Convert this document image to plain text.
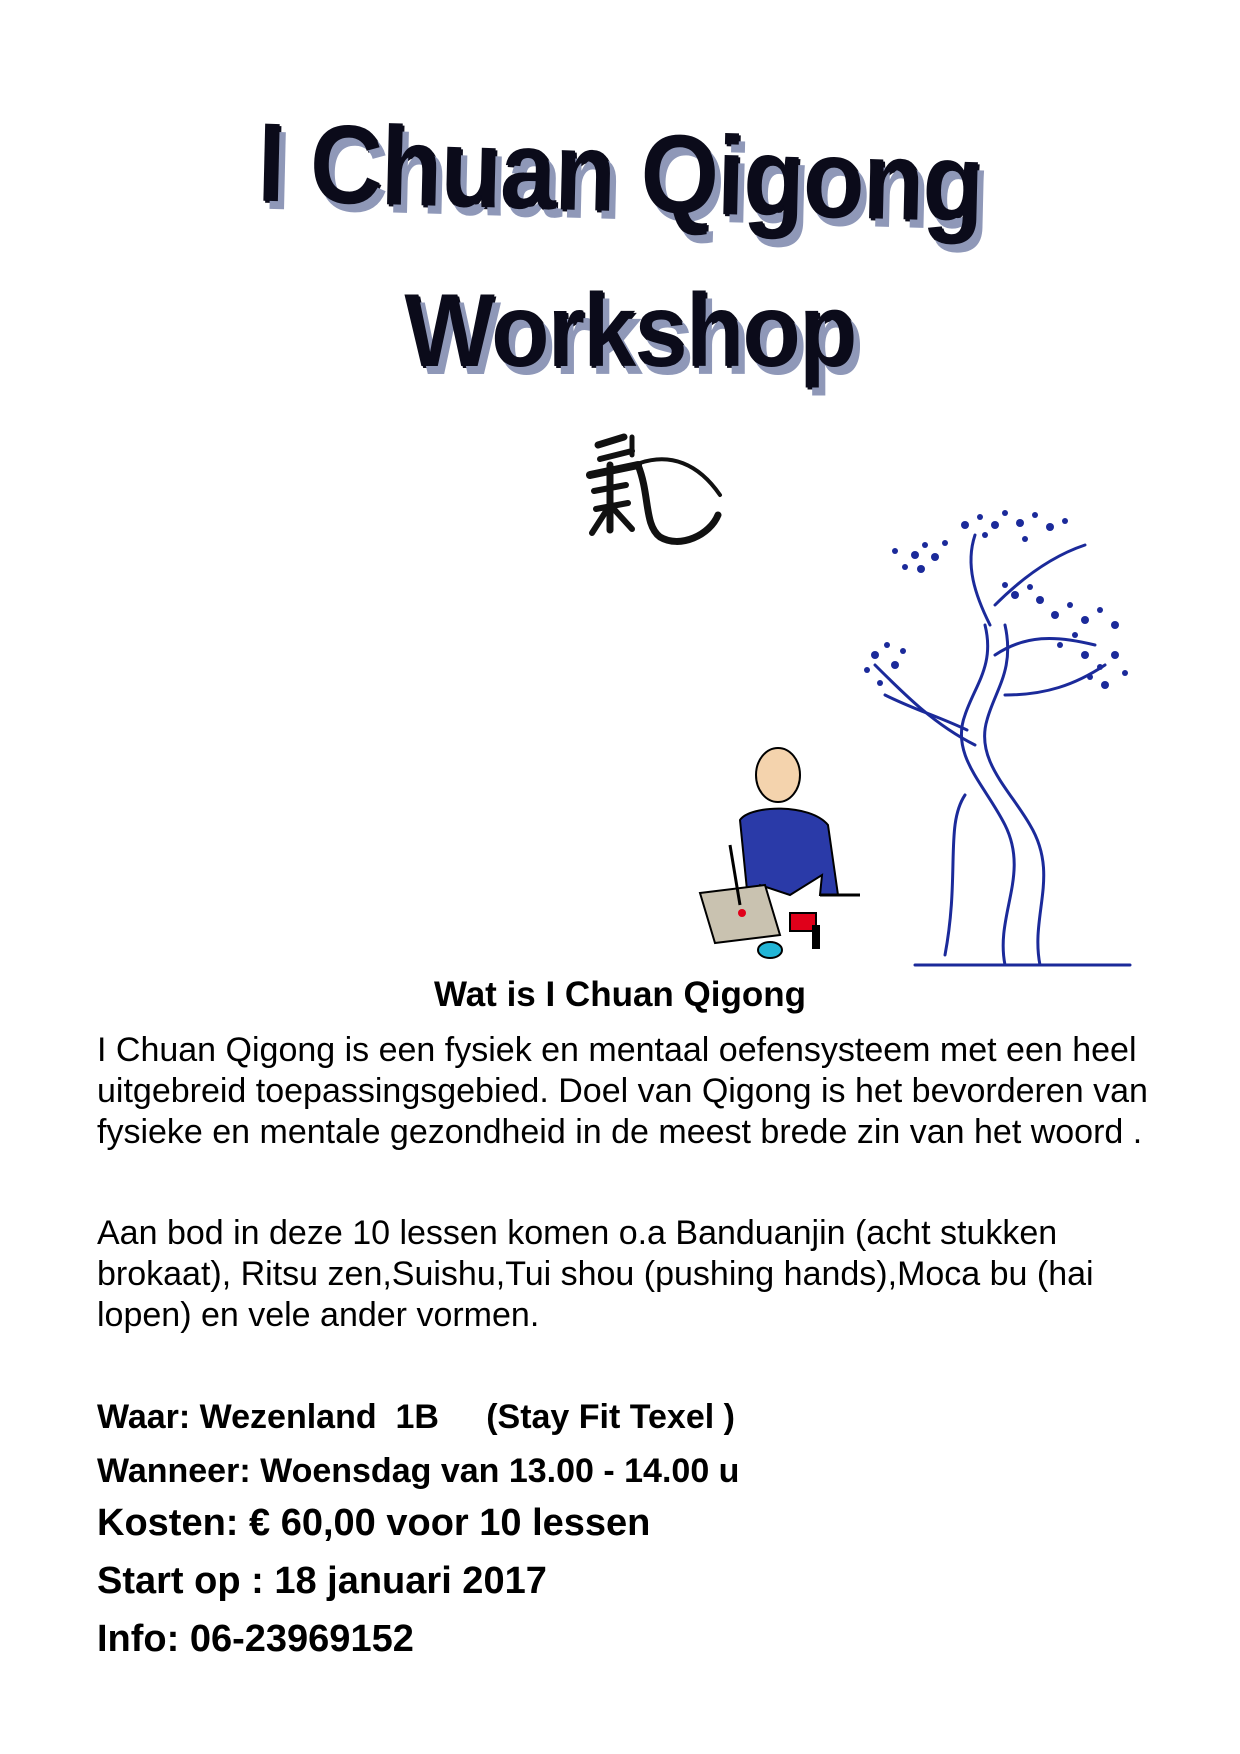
I Chuan Qigong
Workshop
Wat is I Chuan Qigong

I Chuan Qigong is een fysiek en mentaal oefensysteem met een heel uitgebreid toepassingsgebied. Doel van Qigong is het bevorderen van fysieke en mentale gezondheid in de meest brede zin van het woord .

Aan bod in deze 10 lessen komen o.a Banduanjin (acht stukken brokaat), Ritsu zen,Suishu,Tui shou (pushing hands),Moca bu (hai lopen) en vele ander vormen.

Waar: Wezenland  1B     (Stay Fit Texel )

Wanneer: Woensdag van 13.00 - 14.00 u

Kosten: € 60,00 voor 10 lessen

Start op : 18 januari 2017

Info: 06-23969152
